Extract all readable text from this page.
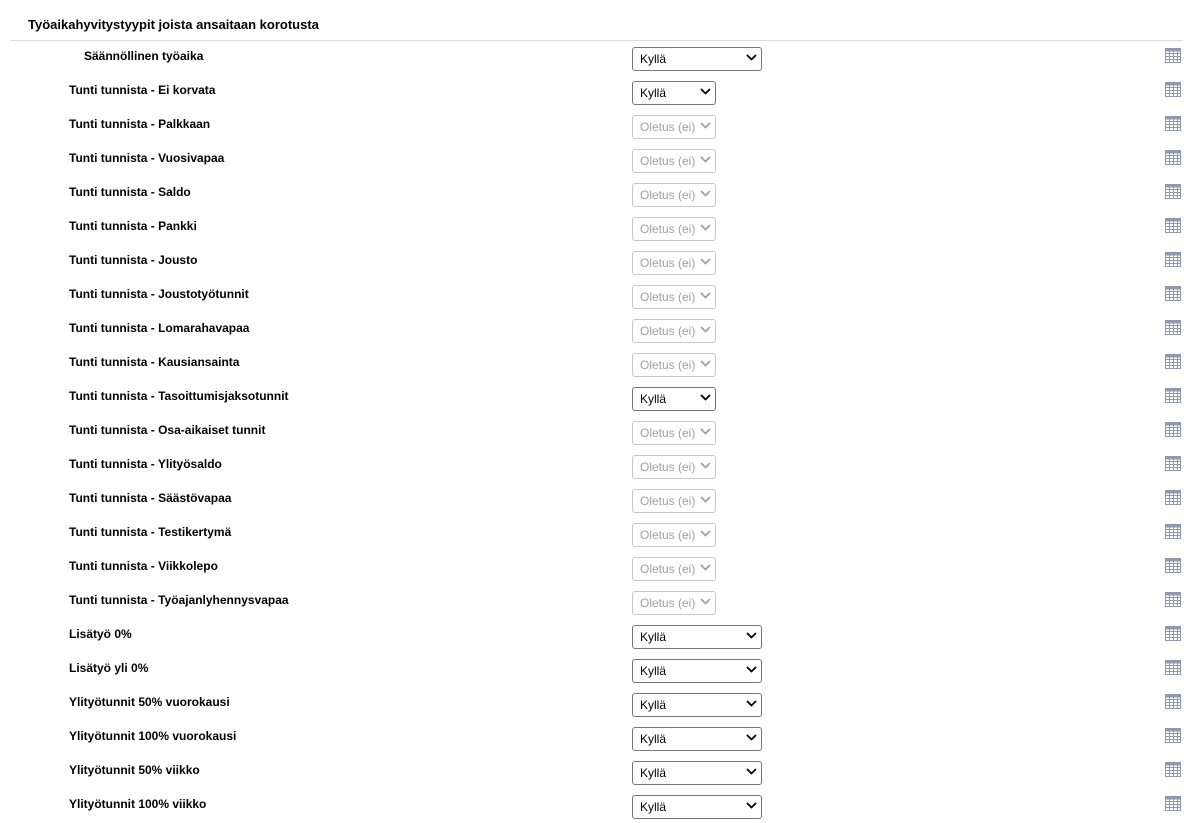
Työaikahyvitystyypit joista ansaitaan korotusta
Säännöllinen työaika	Kyllä
Tunti tunnista - Ei korvata	Kyllä
Tunti tunnista - Palkkaan	Oletus (ei)
Tunti tunnista - Vuosivapaa	Oletus (ei)
Tunti tunnista - Saldo	Oletus (ei)
Tunti tunnista - Pankki	Oletus (ei)
Tunti tunnista - Jousto	Oletus (ei)
Tunti tunnista - Joustotyötunnit	Oletus (ei)
Tunti tunnista - Lomarahavapaa	Oletus (ei)
Tunti tunnista - Kausiansainta	Oletus (ei)
Tunti tunnista - Tasoittumisjaksotunnit	Kyllä
Tunti tunnista - Osa-aikaiset tunnit	Oletus (ei)
Tunti tunnista - Ylityösaldo	Oletus (ei)
Tunti tunnista - Säästövapaa	Oletus (ei)
Tunti tunnista - Testikertymä	Oletus (ei)
Tunti tunnista - Viikkolepo	Oletus (ei)
Tunti tunnista - Työajanlyhennysvapaa	Oletus (ei)
Lisätyö 0%	Kyllä
Lisätyö yli 0%	Kyllä
Ylityötunnit 50% vuorokausi	Kyllä
Ylityötunnit 100% vuorokausi	Kyllä
Ylityötunnit 50% viikko	Kyllä
Ylityötunnit 100% viikko	Kyllä
